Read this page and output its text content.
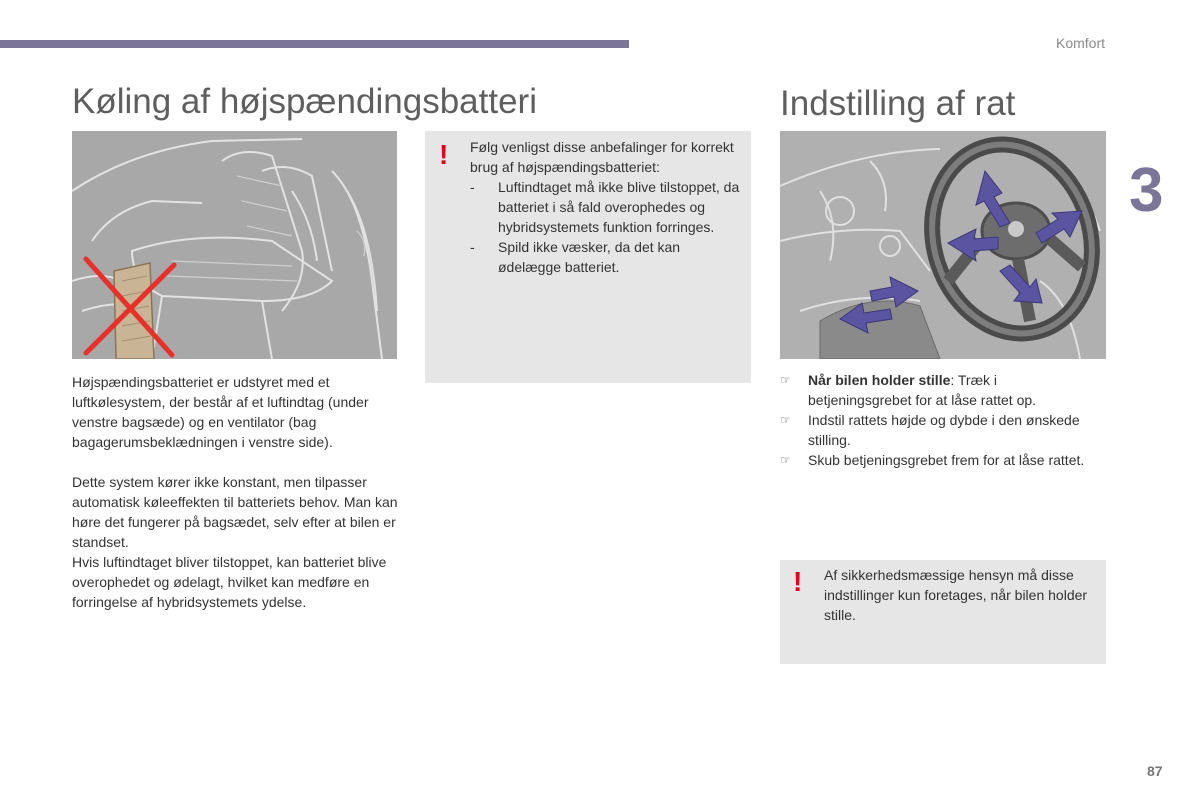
Komfort
3
Køling af højspændingsbatteri

Højspændingsbatteriet er udstyret med et luftkølesystem, der består af et luftindtag (under venstre bagsæde) og en ventilator (bag bagagerumsbeklædningen i venstre side).

Dette system kører ikke konstant, men tilpasser automatisk køleeffekten til batteriets behov. Man kan høre det fungerer på bagsædet, selv efter at bilen er standset.
Hvis luftindtaget bliver tilstoppet, kan batteriet blive overophedet og ødelagt, hvilket kan medføre en forringelse af hybridsystemets ydelse.

! Følg venligst disse anbefalinger for korrekt brug af højspændingsbatteriet:
- Luftindtaget må ikke blive tilstoppet, da batteriet i så fald overophedes og hybridsystemets funktion forringes.
- Spild ikke væsker, da det kan ødelægge batteriet.
Indstilling af rat
☞ Når bilen holder stille: Træk i betjeningsgrebet for at låse rattet op.
☞ Indstil rattets højde og dybde i den ønskede stilling.
☞ Skub betjeningsgrebet frem for at låse rattet.
! Af sikkerhedsmæssige hensyn må disse indstillinger kun foretages, når bilen holder stille.
87
